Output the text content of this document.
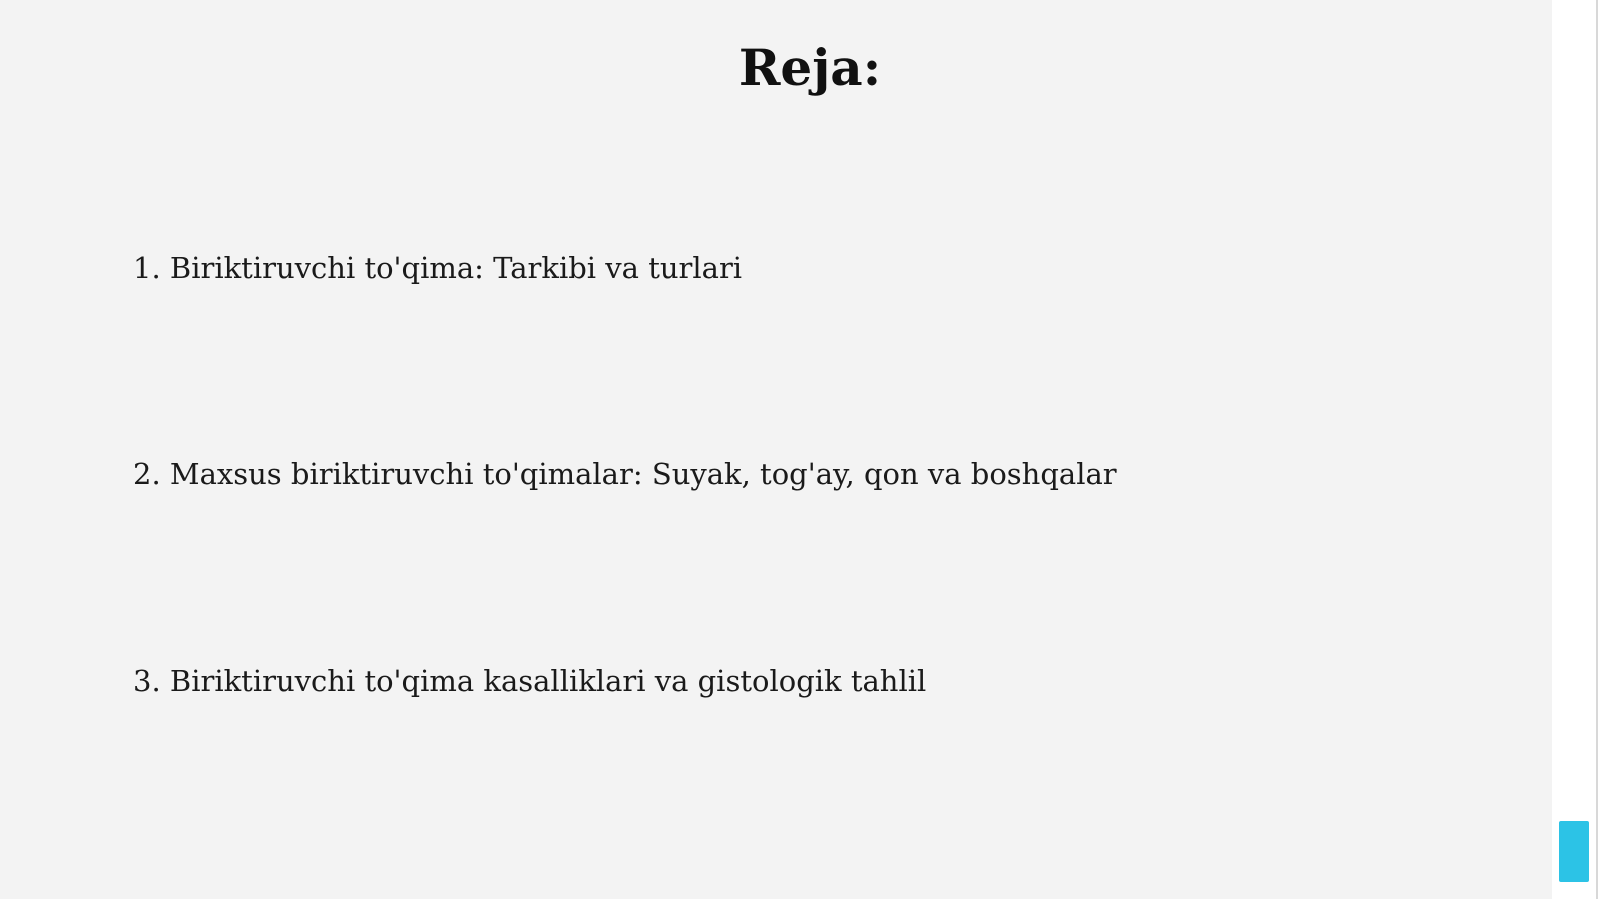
Reja:
1. Biriktiruvchi to'qima: Tarkibi va turlari
2. Maxsus biriktiruvchi to'qimalar: Suyak, tog'ay, qon va boshqalar
3. Biriktiruvchi to'qima kasalliklari va gistologik tahlil
